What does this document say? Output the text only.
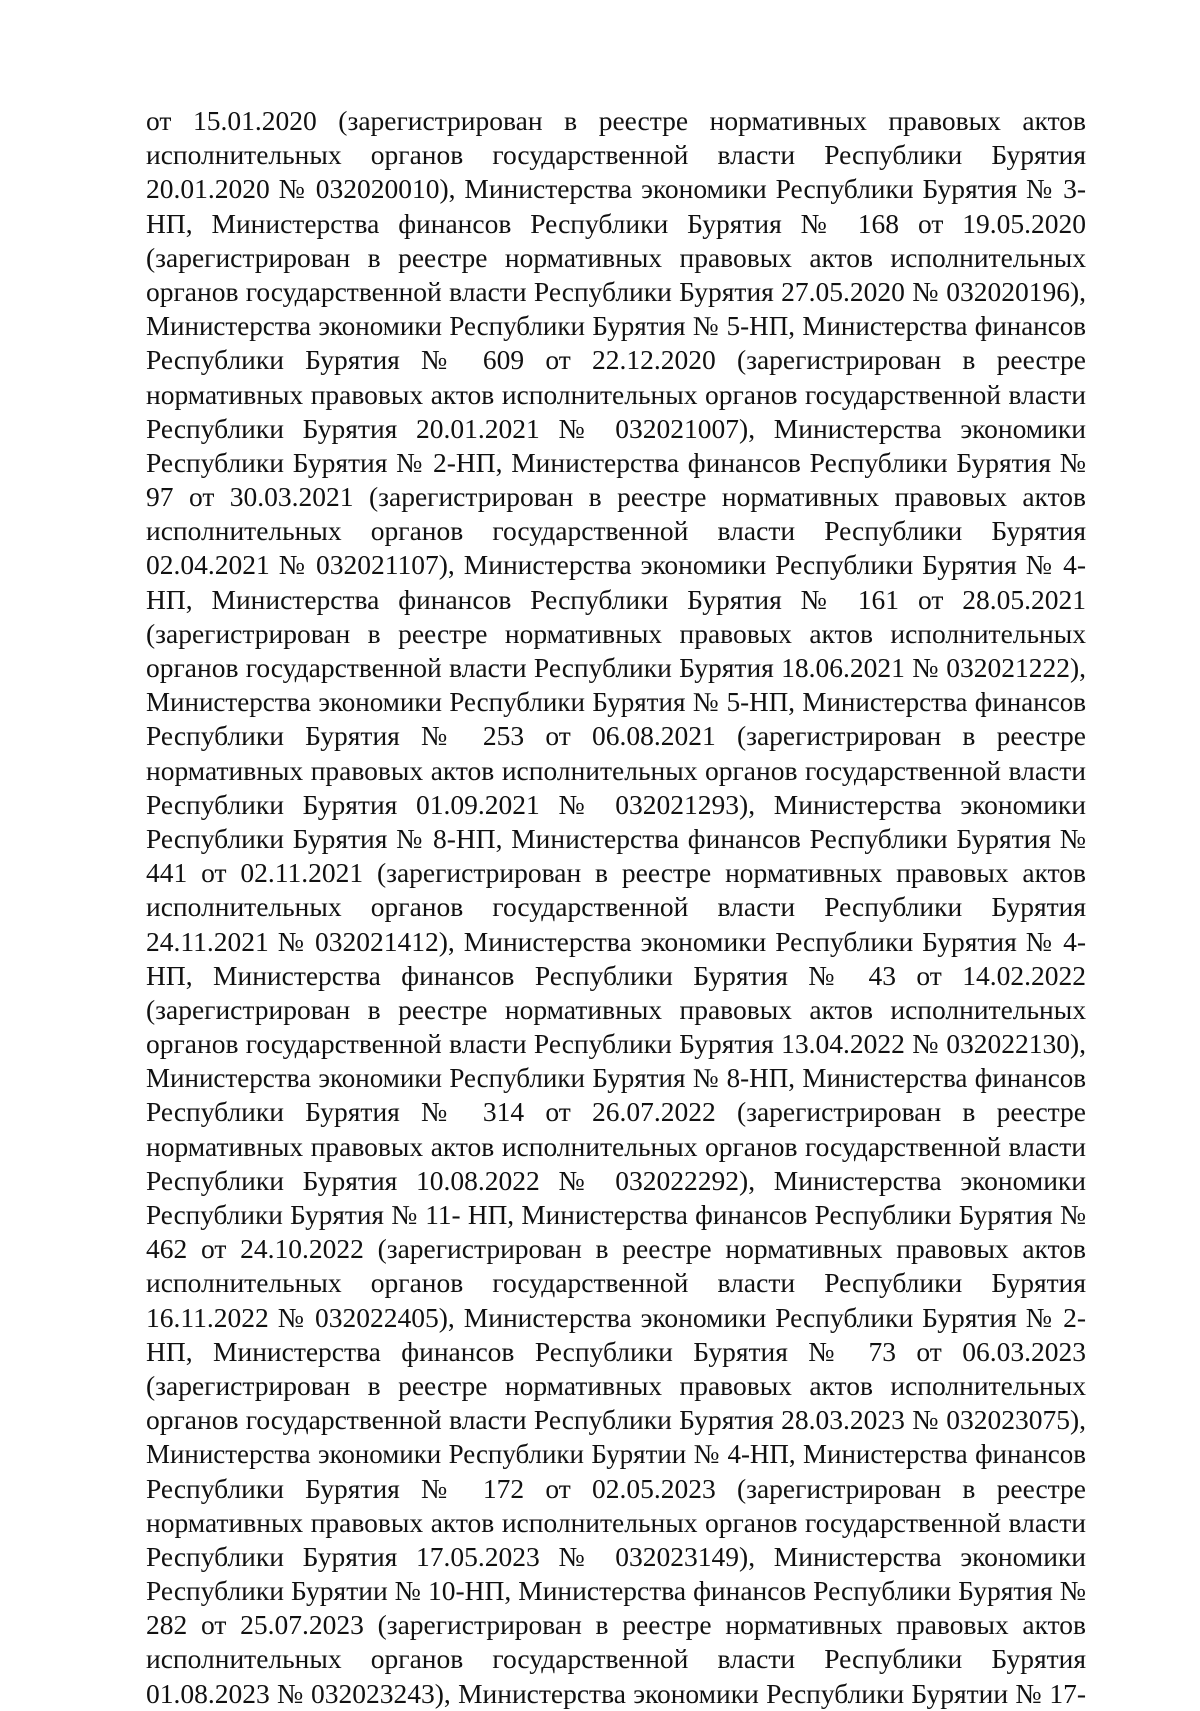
от 15.01.2020 (зарегистрирован в реестре нормативных правовых актов
исполнительных органов государственной власти Республики Бурятия
20.01.2020 № 032020010), Министерства экономики Республики Бурятия № 3-
НП, Министерства финансов Республики Бурятия № 168 от 19.05.2020
(зарегистрирован в реестре нормативных правовых актов исполнительных
органов государственной власти Республики Бурятия 27.05.2020 № 032020196),
Министерства экономики Республики Бурятия № 5-НП, Министерства финансов
Республики Бурятия № 609 от 22.12.2020 (зарегистрирован в реестре
нормативных правовых актов исполнительных органов государственной власти
Республики Бурятия 20.01.2021 № 032021007), Министерства экономики
Республики Бурятия № 2-НП, Министерства финансов Республики Бурятия №
97 от 30.03.2021 (зарегистрирован в реестре нормативных правовых актов
исполнительных органов государственной власти Республики Бурятия
02.04.2021 № 032021107), Министерства экономики Республики Бурятия № 4-
НП, Министерства финансов Республики Бурятия № 161 от 28.05.2021
(зарегистрирован в реестре нормативных правовых актов исполнительных
органов государственной власти Республики Бурятия 18.06.2021 № 032021222),
Министерства экономики Республики Бурятия № 5-НП, Министерства финансов
Республики Бурятия № 253 от 06.08.2021 (зарегистрирован в реестре
нормативных правовых актов исполнительных органов государственной власти
Республики Бурятия 01.09.2021 № 032021293), Министерства экономики
Республики Бурятия № 8-НП, Министерства финансов Республики Бурятия №
441 от 02.11.2021 (зарегистрирован в реестре нормативных правовых актов
исполнительных органов государственной власти Республики Бурятия
24.11.2021 № 032021412), Министерства экономики Республики Бурятия № 4-
НП, Министерства финансов Республики Бурятия № 43 от 14.02.2022
(зарегистрирован в реестре нормативных правовых актов исполнительных
органов государственной власти Республики Бурятия 13.04.2022 № 032022130),
Министерства экономики Республики Бурятия № 8-НП, Министерства финансов
Республики Бурятия № 314 от 26.07.2022 (зарегистрирован в реестре
нормативных правовых актов исполнительных органов государственной власти
Республики Бурятия 10.08.2022 № 032022292), Министерства экономики
Республики Бурятия № 11- НП, Министерства финансов Республики Бурятия №
462 от 24.10.2022 (зарегистрирован в реестре нормативных правовых актов
исполнительных органов государственной власти Республики Бурятия
16.11.2022 № 032022405), Министерства экономики Республики Бурятия № 2-
НП, Министерства финансов Республики Бурятия № 73 от 06.03.2023
(зарегистрирован в реестре нормативных правовых актов исполнительных
органов государственной власти Республики Бурятия 28.03.2023 № 032023075),
Министерства экономики Республики Бурятии № 4-НП, Министерства финансов
Республики Бурятия № 172 от 02.05.2023 (зарегистрирован в реестре
нормативных правовых актов исполнительных органов государственной власти
Республики Бурятия 17.05.2023 № 032023149), Министерства экономики
Республики Бурятии № 10-НП, Министерства финансов Республики Бурятия №
282 от 25.07.2023 (зарегистрирован в реестре нормативных правовых актов
исполнительных органов государственной власти Республики Бурятия
01.08.2023 № 032023243), Министерства экономики Республики Бурятии № 17-
